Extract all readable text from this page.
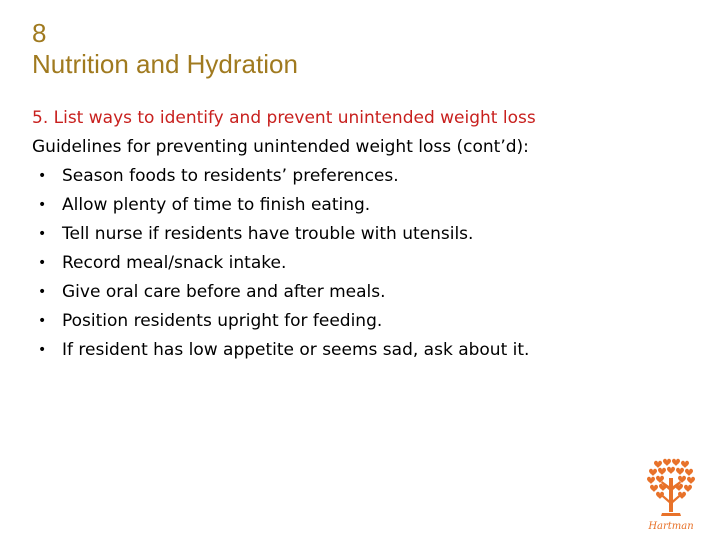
8
Nutrition and Hydration
5. List ways to identify and prevent unintended weight loss
Guidelines for preventing unintended weight loss (cont’d):
• Season foods to residents’ preferences.
• Allow plenty of time to finish eating.
• Tell nurse if residents have trouble with utensils.
• Record meal/snack intake.
• Give oral care before and after meals.
• Position residents upright for feeding.
• If resident has low appetite or seems sad, ask about it.
Hartman
